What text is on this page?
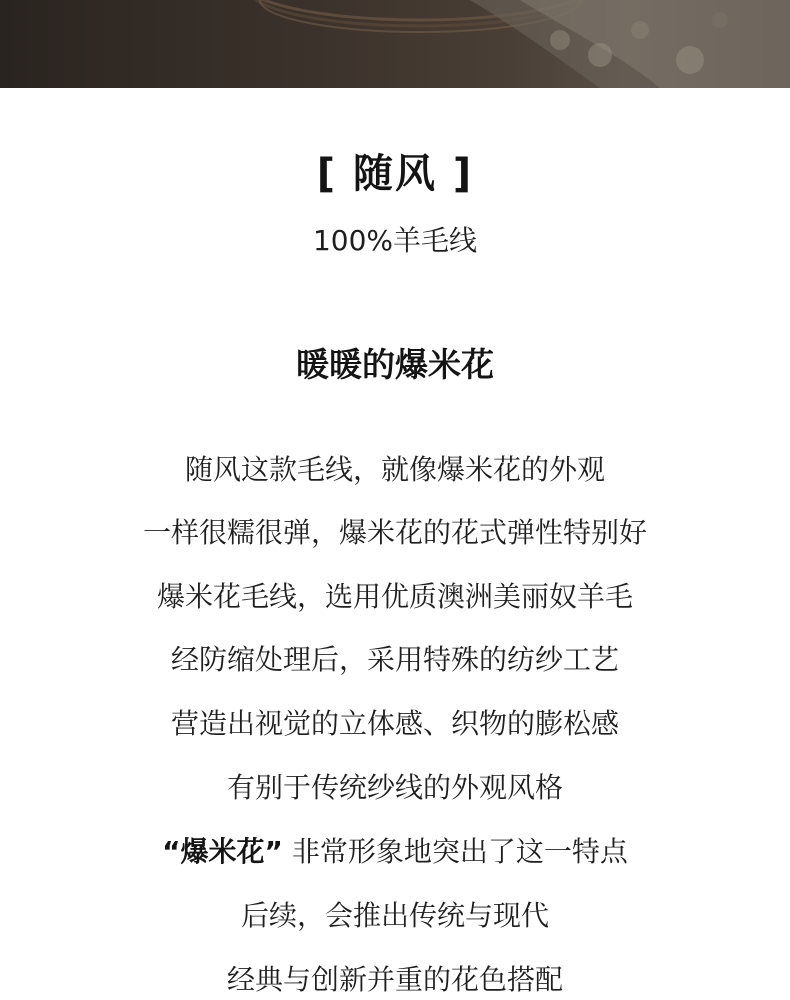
[ 随风 ]
100%羊毛线
暖暖的爆米花
随风这款毛线，就像爆米花的外观
一样很糯很弹，爆米花的花式弹性特别好
爆米花毛线，选用优质澳洲美丽奴羊毛
经防缩处理后，采用特殊的纺纱工艺
营造出视觉的立体感、织物的膨松感
有别于传统纱线的外观风格
“爆米花” 非常形象地突出了这一特点
后续，会推出传统与现代
经典与创新并重的花色搭配
